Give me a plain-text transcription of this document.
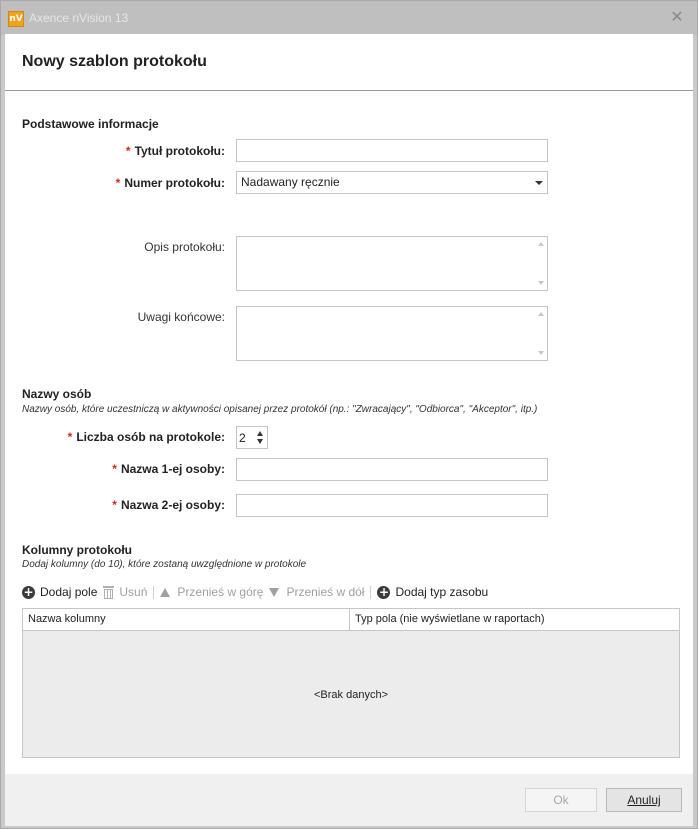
nV Axence nVision 13	✕
Nowy szablon protokołu
Podstawowe informacje
* Tytuł protokołu:
* Numer protokołu:	Nadawany ręcznie
Opis protokołu:
Uwagi końcowe:
Nazwy osób
Nazwy osób, które uczestniczą w aktywności opisanej przez protokół (np.: "Zwracający", "Odbiorca", "Akceptor", itp.)
* Liczba osób na protokole: 2
* Nazwa 1-ej osoby:
* Nazwa 2-ej osoby:
Kolumny protokołu
Dodaj kolumny (do 10), które zostaną uwzględnione w protokole
+ Dodaj pole Usuń	Przenieś w górę Przenieś w dół + Dodaj typ zasobu
Nazwa kolumny	Typ pola (nie wyświetlane w raportach)
<Brak danych>
Ok	Anuluj
